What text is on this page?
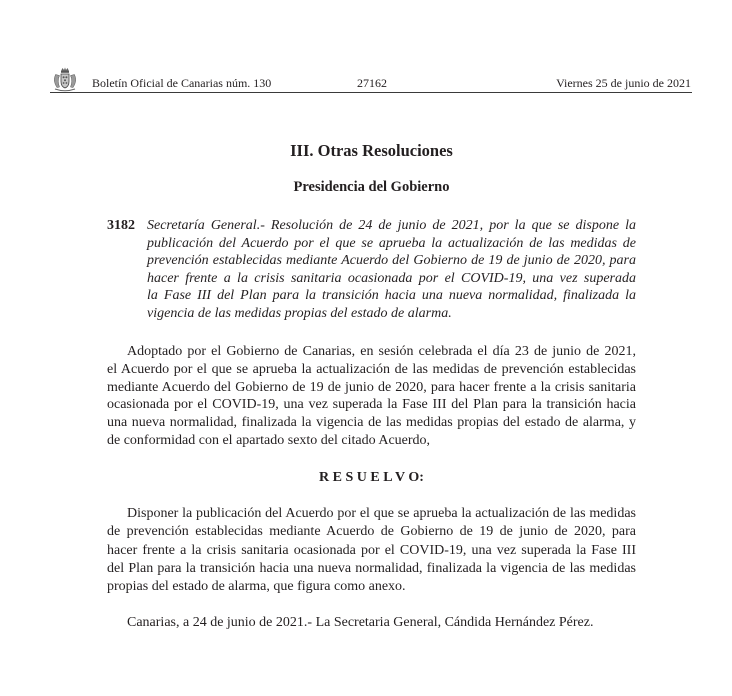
Boletín Oficial de Canarias núm. 130	27162	Viernes 25 de junio de 2021
III. Otras Resoluciones
Presidencia del Gobierno
3182 Secretaría General.- Resolución de 24 de junio de 2021, por la que se dispone la
publicación del Acuerdo por el que se aprueba la actualización de las medidas de
prevención establecidas mediante Acuerdo del Gobierno de 19 de junio de 2020, para
hacer frente a la crisis sanitaria ocasionada por el COVID-19, una vez superada
la Fase III del Plan para la transición hacia una nueva normalidad, finalizada la
vigencia de las medidas propias del estado de alarma.
Adoptado por el Gobierno de Canarias, en sesión celebrada el día 23 de junio de 2021,
el Acuerdo por el que se aprueba la actualización de las medidas de prevención establecidas
mediante Acuerdo del Gobierno de 19 de junio de 2020, para hacer frente a la crisis sanitaria
ocasionada por el COVID-19, una vez superada la Fase III del Plan para la transición hacia
una nueva normalidad, finalizada la vigencia de las medidas propias del estado de alarma, y
de conformidad con el apartado sexto del citado Acuerdo,
R E S U E L V O:
Disponer la publicación del Acuerdo por el que se aprueba la actualización de las medidas
de prevención establecidas mediante Acuerdo de Gobierno de 19 de junio de 2020, para
hacer frente a la crisis sanitaria ocasionada por el COVID-19, una vez superada la Fase III
del Plan para la transición hacia una nueva normalidad, finalizada la vigencia de las medidas
propias del estado de alarma, que figura como anexo.
Canarias, a 24 de junio de 2021.- La Secretaria General, Cándida Hernández Pérez.
